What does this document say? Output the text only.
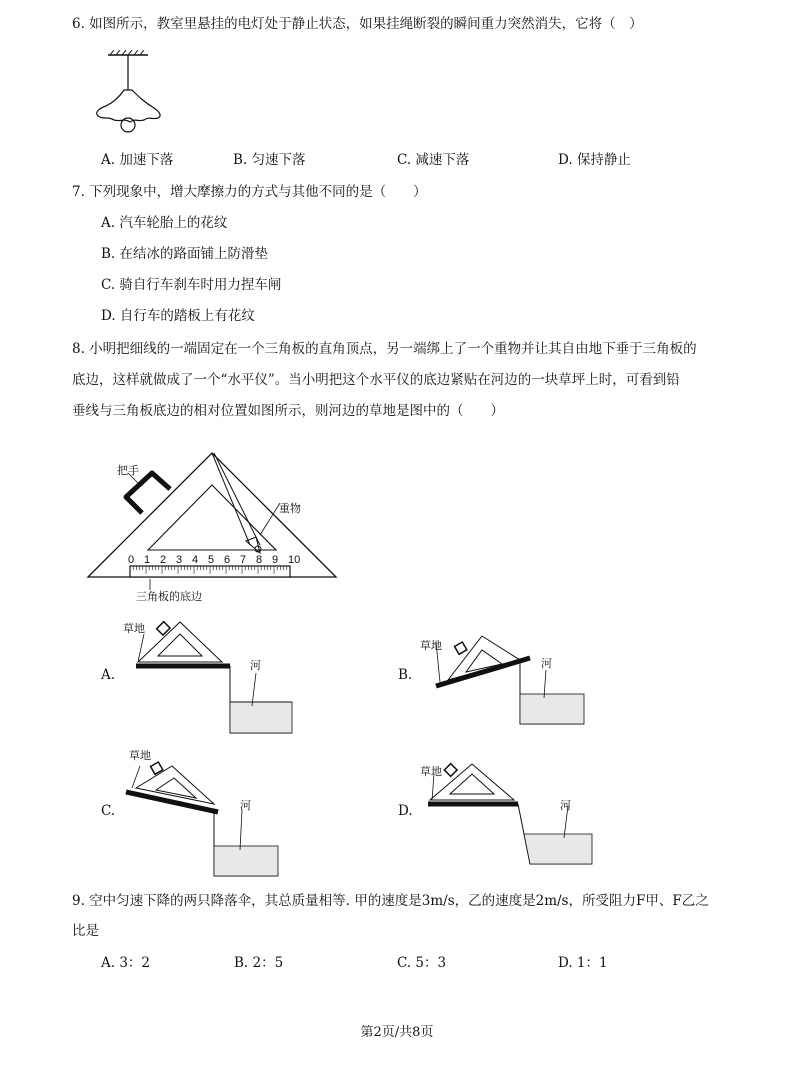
6. 如图所示，教室里悬挂的电灯处于静止状态，如果挂绳断裂的瞬间重力突然消失，它将（　）
A. 加速下落	B. 匀速下落	C. 减速下落	D. 保持静止
7. 下列现象中，增大摩擦力的方式与其他不同的是（　　）
A. 汽车轮胎上的花纹
B. 在结冰的路面铺上防滑垫
C. 骑自行车刹车时用力捏车闸
D. 自行车的踏板上有花纹
8. 小明把细线的一端固定在一个三角板的直角顶点，另一端绑上了一个重物并让其自由地下垂于三角板的
底边，这样就做成了一个“水平仪”。当小明把这个水平仪的底边紧贴在河边的一块草坪上时，可看到铅
垂线与三角板底边的相对位置如图所示，则河边的草地是图中的（　　）
0 1 2 3 4 5 6 7 8 9 10
把手
重物
三角板的底边
A.
草地
河
B.
草地
河
C.
草地
河	D.
草地
河
9. 空中匀速下降的两只降落伞，其总质量相等. 甲的速度是3m/s，乙的速度是2m/s，所受阻力F甲、F乙之
比是
A. 3：2	B. 2：5	C. 5：3	D. 1：1
第2页/共8页
